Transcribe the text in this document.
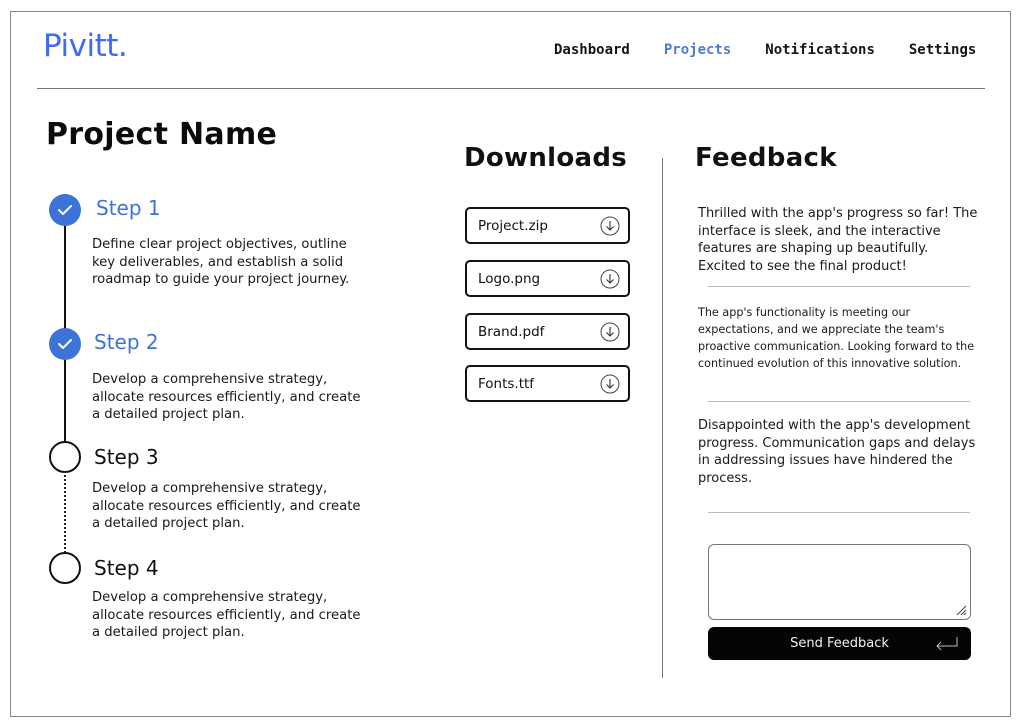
Pivitt.	Dashboard Projects Notifications Settings
Project Name
Step 1
Define clear project objectives, outline key deliverables, and establish a solid roadmap to guide your project journey.
Step 2
Develop a comprehensive strategy, allocate resources efficiently, and create a detailed project plan.
Step 3
Develop a comprehensive strategy, allocate resources efficiently, and create a detailed project plan.
Step 4
Develop a comprehensive strategy, allocate resources efficiently, and create a detailed project plan.
Downloads
Project.zip
Logo.png
Brand.pdf
Fonts.ttf
Feedback

Thrilled with the app's progress so far! The interface is sleek, and the interactive features are shaping up beautifully. Excited to see the final product!

The app's functionality is meeting our expectations, and we appreciate the team's proactive communication. Looking forward to the continued evolution of this innovative solution.

Disappointed with the app's development progress. Communication gaps and delays in addressing issues have hindered the process.

Send Feedback
